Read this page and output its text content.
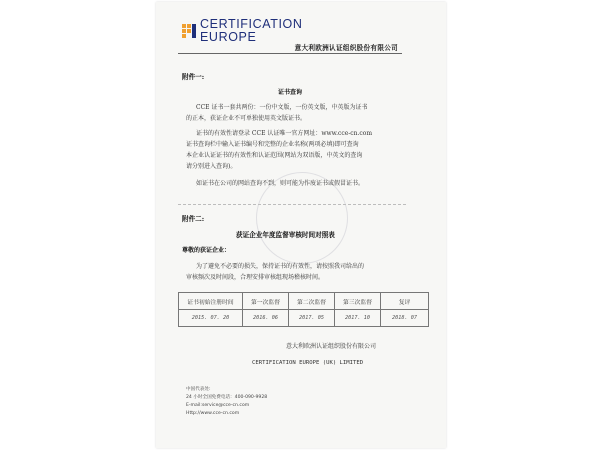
CERTIFICATION
EUROPE
意大利欧洲认证组织股份有限公司
附件一:
证书查询
CCE 证书一套共两份：一份中文版，一份英文版，中英版为证书
的正本，获证企业不可单独使用英文版证书。
证书的有效性请登录 CCE 认证唯一官方网址：www.cce-cn.com
证书查询栏中输入证书编号和完整的企业名称(两项必填)即可查询
本企业认证证书的有效性和认证范围(网站为双语版，中英文的查询
请分别进入查询)。
如证书在公司的网站查询不到，则可能为作废证书或假冒证书。
附件二:
获证企业年度监督审核时间对照表
尊敬的获证企业：
为了避免不必要的损失，保持证书的有效性，请按照我司给出的
审核频次及时间段，合理安排审核组现场稽核时间。
证书初始注册时间	第一次监督	第二次监督	第三次监督	复评
2015. 07. 20	2016. 06	2017. 05	2017. 10	2018. 07
意大利欧洲认证组织股份有限公司
CERTIFICATION EUROPE (UK) LIMITED
中国代表处:
24 小时全国免费电话：400-090-9928
E-mail:service@cce-cn.com
Http://www.cce-cn.com
